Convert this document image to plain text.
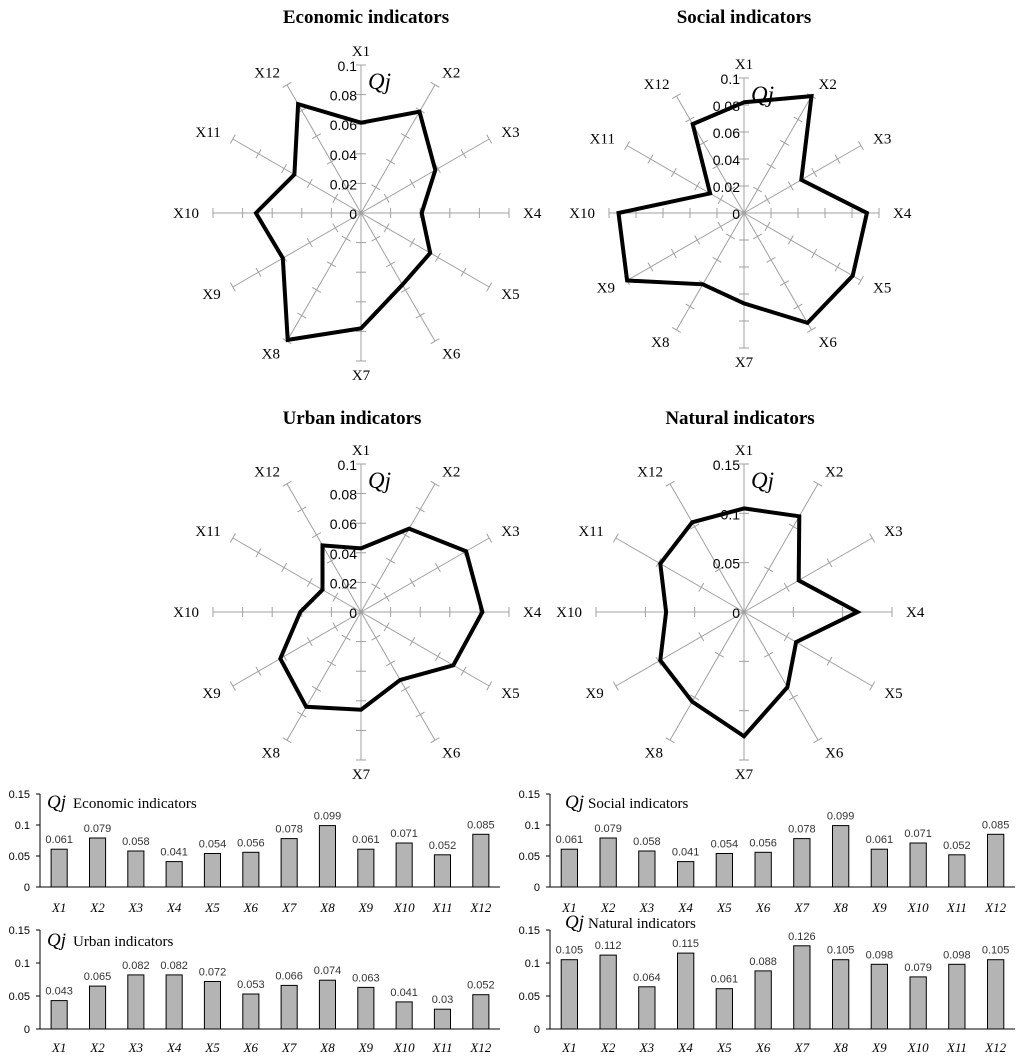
Economic indicators
X1
X2
X3
X4
X5
X6
X7
X8
X9
X10
X11
X12
0
0.02
0.04
0.06
0.08
0.1
Qj
Social indicators
X1
X2
X3
X4
X5
X6
X7
X8
X9
X10
X11
X12
0
0.02
0.04
0.06
0.08
0.1
Qj
Urban indicators
X1
X2
X3
X4
X5
X6
X7
X8
X9
X10
X11
X12
0
0.02
0.04
0.06
0.08
0.1
Qj
Natural indicators
X1
X2
X3
X4
X5
X6
X7
X8
X9
X10
X11
X12
0
0.05
0.1
0.15
Qj
0
0.05
0.1
0.15 Qj Economic indicators
0.061
X1
0.079
X2
0.058
X3
0.041
X4
0.054
X5
0.056
X6
0.078
X7
0.099
X8
0.061
X9
0.071
X10
0.052
X11
0.085
X12
0
0.05
0.1
0.15 Qj Social indicators
0.061
X1
0.079
X2
0.058
X3
0.041
X4
0.054
X5
0.056
X6
0.078
X7
0.099
X8
0.061
X9
0.071
X10
0.052
X11
0.085
X12
0
0.05
0.1
0.15 Qj Urban indicators
0.043
X1
0.065
X2
0.082
X3
0.082
X4
0.072
X5
0.053
X6
0.066
X7
0.074
X8
0.063
X9
0.041
X10
0.03
X11
0.052
X12
0
0.05
0.1
0.15 Qj Natural indicators
0.105
X1
0.112
X2
0.064
X3
0.115
X4
0.061
X5
0.088
X6
0.126
X7
0.105
X8
0.098
X9
0.079
X10
0.098
X11
0.105
X12
